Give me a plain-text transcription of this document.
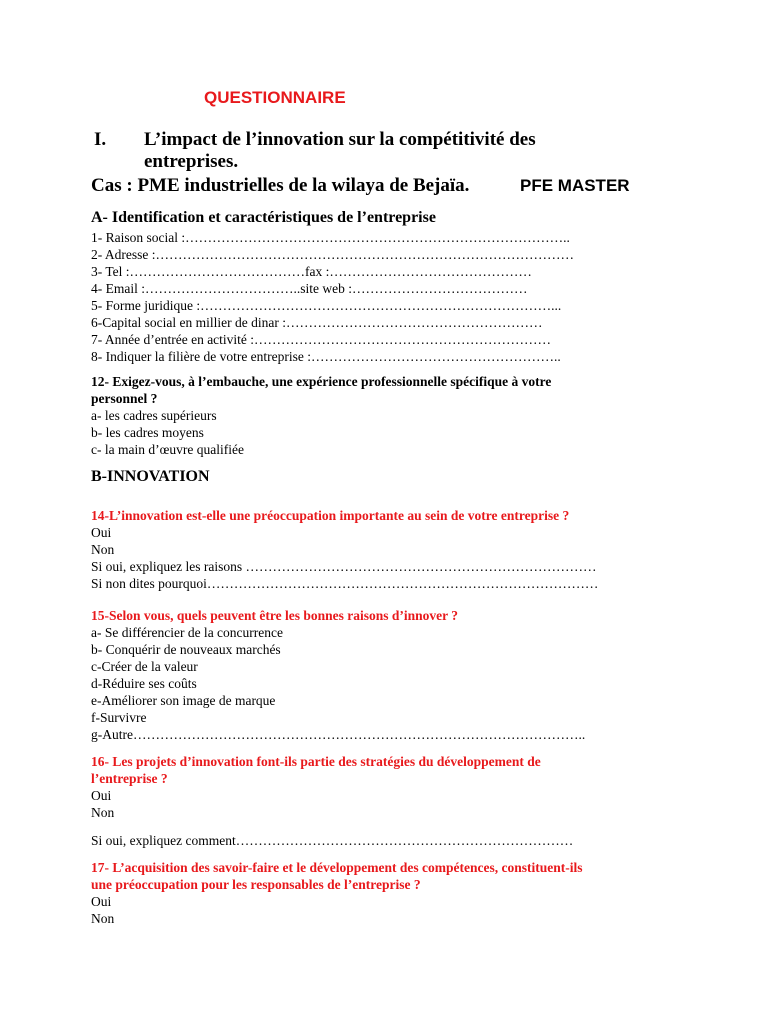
QUESTIONNAIRE
I. L’impact de l’innovation sur la compétitivité des
entreprises.
Cas : PME industrielles de la wilaya de Bejaïa.	PFE MASTER
A- Identification et caractéristiques de l’entreprise
1- Raison social :…………………………………………………………………………..
2- Adresse :…………………………………………………………………………………
3- Tel :…………………………………fax :………………………………………
4- Email :……………………………..site web :…………………………………
5- Forme juridique :……………………………………………………………………...
6-Capital social en millier de dinar :…………………………………………………
7- Année d’entrée en activité :…………………………………………………………
8- Indiquer la filière de votre entreprise :………………………………………………..
12- Exigez-vous, à l’embauche, une expérience professionnelle spécifique à votre
personnel ?
a- les cadres supérieurs
b- les cadres moyens
c- la main d’œuvre qualifiée
B-INNOVATION
14-L’innovation est-elle une préoccupation importante au sein de votre entreprise ?
Oui
Non
Si oui, expliquez les raisons ……………………………………………………………………
Si non dites pourquoi……………………………………………………………………………
15-Selon vous, quels peuvent être les bonnes raisons d’innover ?
a- Se différencier de la concurrence
b- Conquérir de nouveaux marchés
c-Créer de la valeur
d-Réduire ses coûts
e-Améliorer son image de marque
f-Survivre
g-Autre………………………………………………………………………………………..
16- Les projets d’innovation font-ils partie des stratégies du développement de
l’entreprise ?
Oui
Non
Si oui, expliquez comment…………………………………………………………………
17- L’acquisition des savoir-faire et le développement des compétences, constituent-ils
une préoccupation pour les responsables de l’entreprise ?
Oui
Non
